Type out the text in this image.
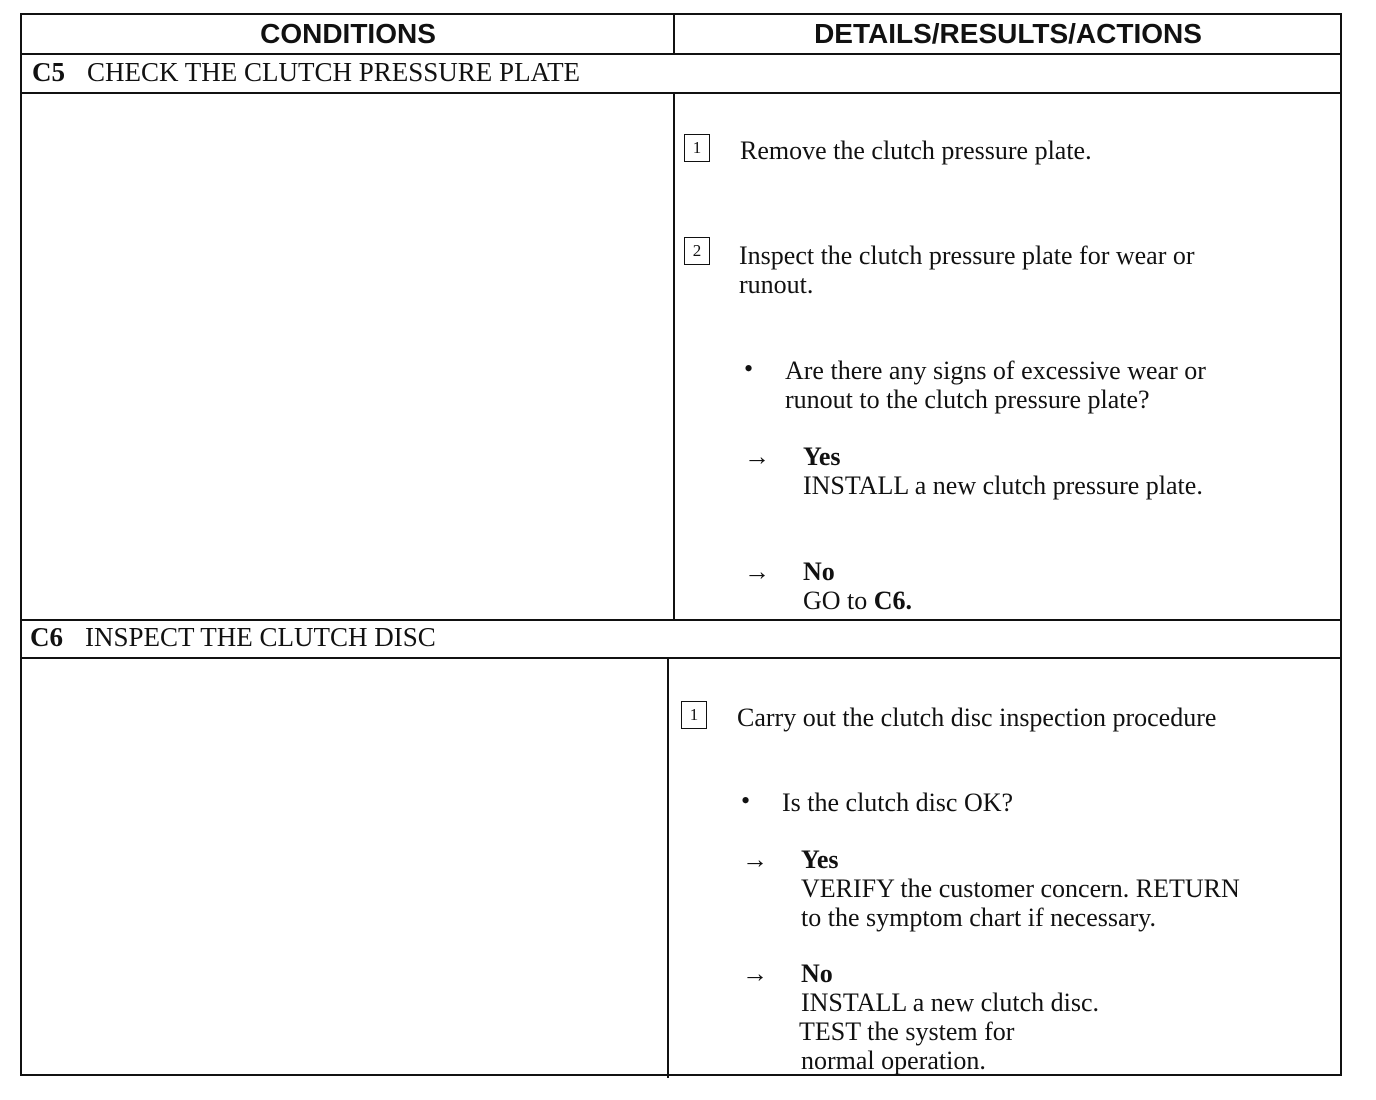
CONDITIONS	DETAILS/RESULTS/ACTIONS
C5 CHECK THE CLUTCH PRESSURE PLATE
1	Remove the clutch pressure plate.
2	Inspect the clutch pressure plate for wear or
runout.
• Are there any signs of excessive wear or
runout to the clutch pressure plate?
→ Yes
INSTALL a new clutch pressure plate.
→ No
GO to C6.
C6 INSPECT THE CLUTCH DISC
1	Carry out the clutch disc inspection procedure
• Is the clutch disc OK?
→ Yes
VERIFY the customer concern. RETURN
to the symptom chart if necessary.
→ No
INSTALL a new clutch disc.
TEST the system for
normal operation.
